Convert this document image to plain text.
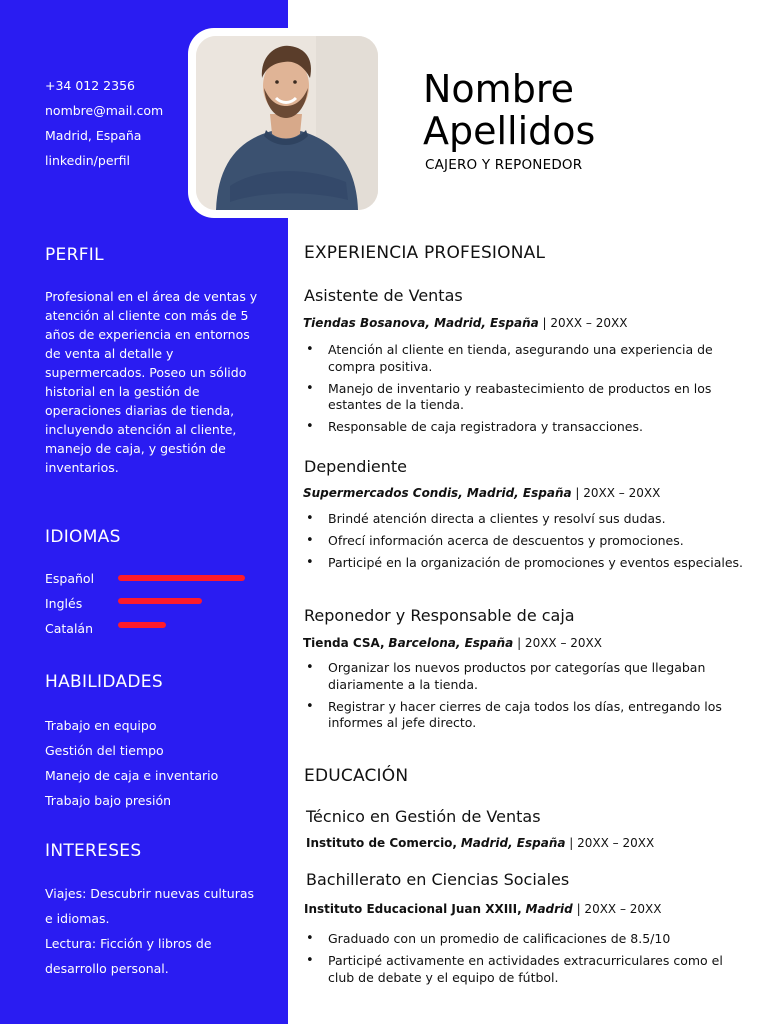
+34 012 2356
nombre@mail.com
Madrid, España
linkedin/perfil
PERFIL
Profesional en el área de ventas y atención al cliente con más de 5 años de experiencia en entornos de venta al detalle y supermercados. Poseo un sólido historial en la gestión de operaciones diarias de tienda, incluyendo atención al cliente, manejo de caja, y gestión de inventarios.
IDIOMAS
Español
Inglés
Catalán
HABILIDADES
Trabajo en equipo
Gestión del tiempo
Manejo de caja e inventario
Trabajo bajo presión
INTERESES
Viajes: Descubrir nuevas culturas e idiomas.
Lectura: Ficción y libros de desarrollo personal.
Nombre
Apellidos
CAJERO Y REPONEDOR
EXPERIENCIA PROFESIONAL
Asistente de Ventas
Tiendas Bosanova, Madrid, España | 20XX – 20XX
• Atención al cliente en tienda, asegurando una experiencia de compra positiva.
• Manejo de inventario y reabastecimiento de productos en los estantes de la tienda.
• Responsable de caja registradora y transacciones.
Dependiente
Supermercados Condis, Madrid, España | 20XX – 20XX
• Brindé atención directa a clientes y resolví sus dudas.
• Ofrecí información acerca de descuentos y promociones.
• Participé en la organización de promociones y eventos especiales.
Reponedor y Responsable de caja
Tienda CSA, Barcelona, España | 20XX – 20XX
• Organizar los nuevos productos por categorías que llegaban diariamente a la tienda.
• Registrar y hacer cierres de caja todos los días, entregando los informes al jefe directo.
EDUCACIÓN
Técnico en Gestión de Ventas
Instituto de Comercio, Madrid, España | 20XX – 20XX
Bachillerato en Ciencias Sociales
Instituto Educacional Juan XXIII, Madrid | 20XX – 20XX
• Graduado con un promedio de calificaciones de 8.5/10
• Participé activamente en actividades extracurriculares como el club de debate y el equipo de fútbol.
